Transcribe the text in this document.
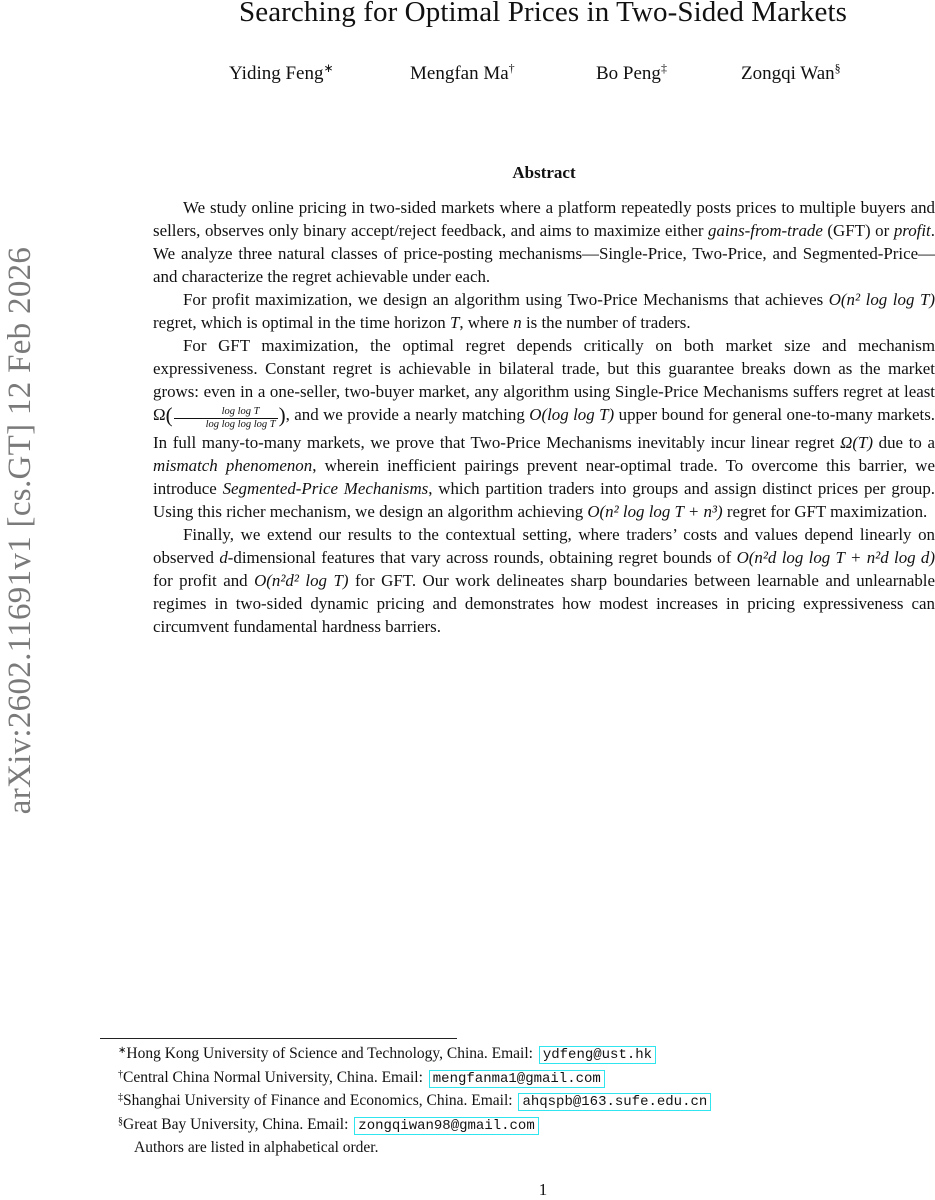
arXiv:2602.11691v1 [cs.GT] 12 Feb 2026
Searching for Optimal Prices in Two-Sided Markets
Yiding Feng∗	Mengfan Ma†	Bo Peng‡	Zongqi Wan§
Abstract

We study online pricing in two-sided markets where a platform repeatedly posts prices to multiple buyers and sellers, observes only binary accept/reject feedback, and aims to maximize either gains-from-trade (GFT) or profit. We analyze three natural classes of price-posting mechanisms—Single-Price, Two-Price, and Segmented-Price—and characterize the regret achievable under each.

For profit maximization, we design an algorithm using Two-Price Mechanisms that achieves O(n² log log T) regret, which is optimal in the time horizon T, where n is the number of traders.

For GFT maximization, the optimal regret depends critically on both market size and mechanism expressiveness. Constant regret is achievable in bilateral trade, but this guarantee breaks down as the market grows: even in a one-seller, two-buyer market, any algorithm using Single-Price Mechanisms suffers regret at least $\Omega( \frac{\text{log log T}}{\text{log log log log T}}$ ), and we provide a nearly matching O(log log T) upper bound for general one-to-many markets. In full many-to-many markets, we prove that Two-Price Mechanisms inevitably incur linear regret Ω(T) due to a mismatch phenomenon, wherein inefficient pairings prevent near-optimal trade. To overcome this barrier, we introduce Segmented-Price Mechanisms, which partition traders into groups and assign distinct prices per group. Using this richer mechanism, we design an algorithm achieving O(n² log log T + n³) regret for GFT maximization.

Finally, we extend our results to the contextual setting, where traders’ costs and values depend linearly on observed d-dimensional features that vary across rounds, obtaining regret bounds of O(n²d log log T + n²d log d) for profit and O(n²d² log T) for GFT. Our work delineates sharp boundaries between learnable and unlearnable regimes in two-sided dynamic pricing and demonstrates how modest increases in pricing expressiveness can circumvent fundamental hardness barriers.

∗Hong Kong University of Science and Technology, China. Email: ydfeng@ust.hk
†Central China Normal University, China. Email: mengfanma1@gmail.com
‡Shanghai University of Finance and Economics, China. Email: ahqspb@163.sufe.edu.cn
§Great Bay University, China. Email: zongqiwan98@gmail.com
Authors are listed in alphabetical order.
1
